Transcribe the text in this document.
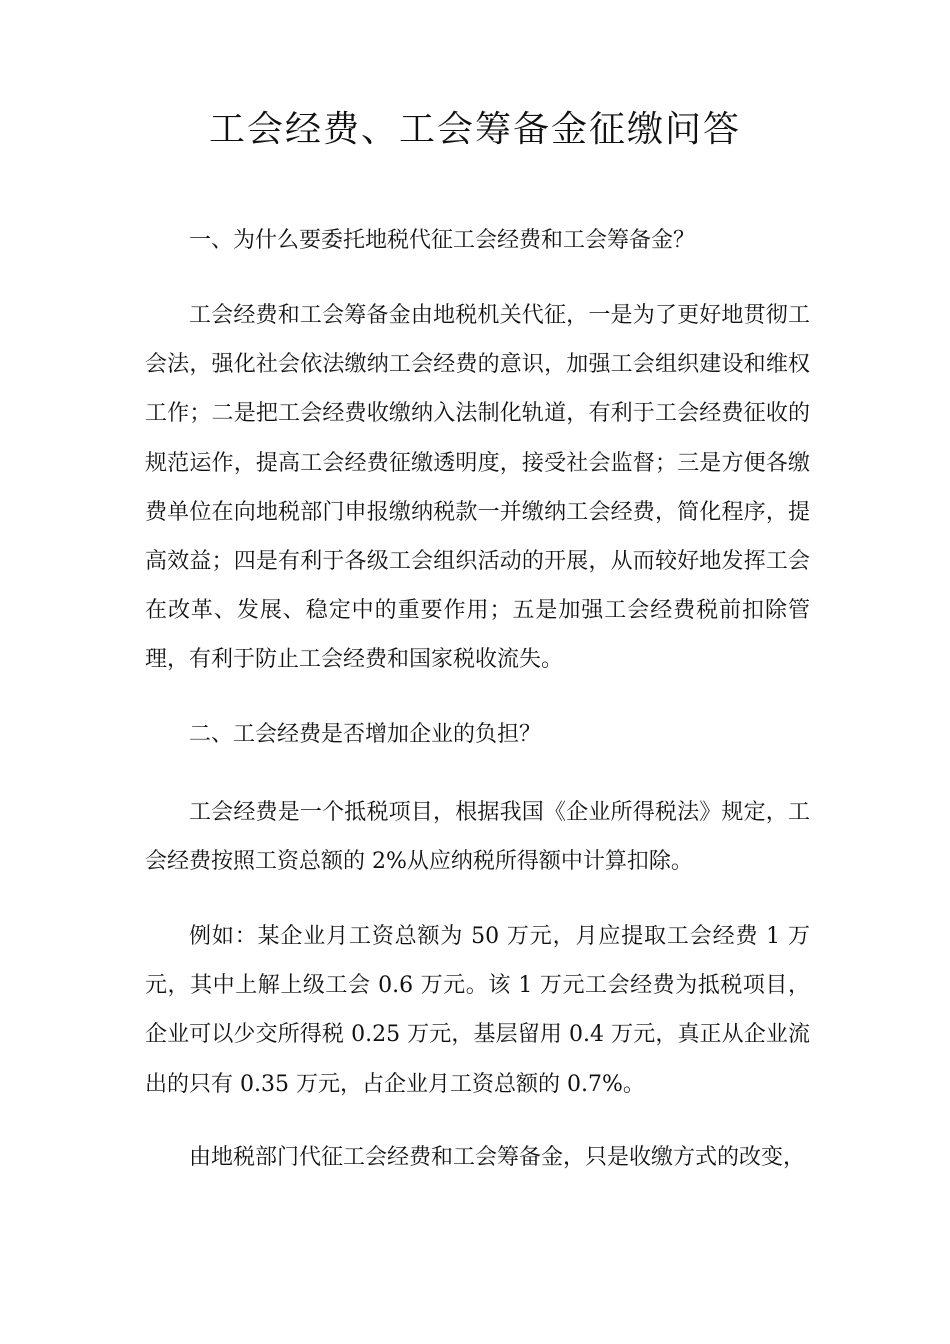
工会经费、工会筹备金征缴问答

一、为什么要委托地税代征工会经费和工会筹备金？

工会经费和工会筹备金由地税机关代征，一是为了更好地贯彻工会法，强化社会依法缴纳工会经费的意识，加强工会组织建设和维权工作；二是把工会经费收缴纳入法制化轨道，有利于工会经费征收的规范运作，提高工会经费征缴透明度，接受社会监督；三是方便各缴费单位在向地税部门申报缴纳税款一并缴纳工会经费，简化程序，提高效益；四是有利于各级工会组织活动的开展，从而较好地发挥工会在改革、发展、稳定中的重要作用；五是加强工会经费税前扣除管理，有利于防止工会经费和国家税收流失。

二、工会经费是否增加企业的负担？

工会经费是一个抵税项目，根据我国《企业所得税法》规定，工会经费按照工资总额的 2%从应纳税所得额中计算扣除。

例如：某企业月工资总额为 50 万元，月应提取工会经费 1 万元，其中上解上级工会 0.6 万元。该 1 万元工会经费为抵税项目，企业可以少交所得税 0.25 万元，基层留用 0.4 万元，真正从企业流出的只有 0.35 万元，占企业月工资总额的 0.7%。

由地税部门代征工会经费和工会筹备金，只是收缴方式的改变，
